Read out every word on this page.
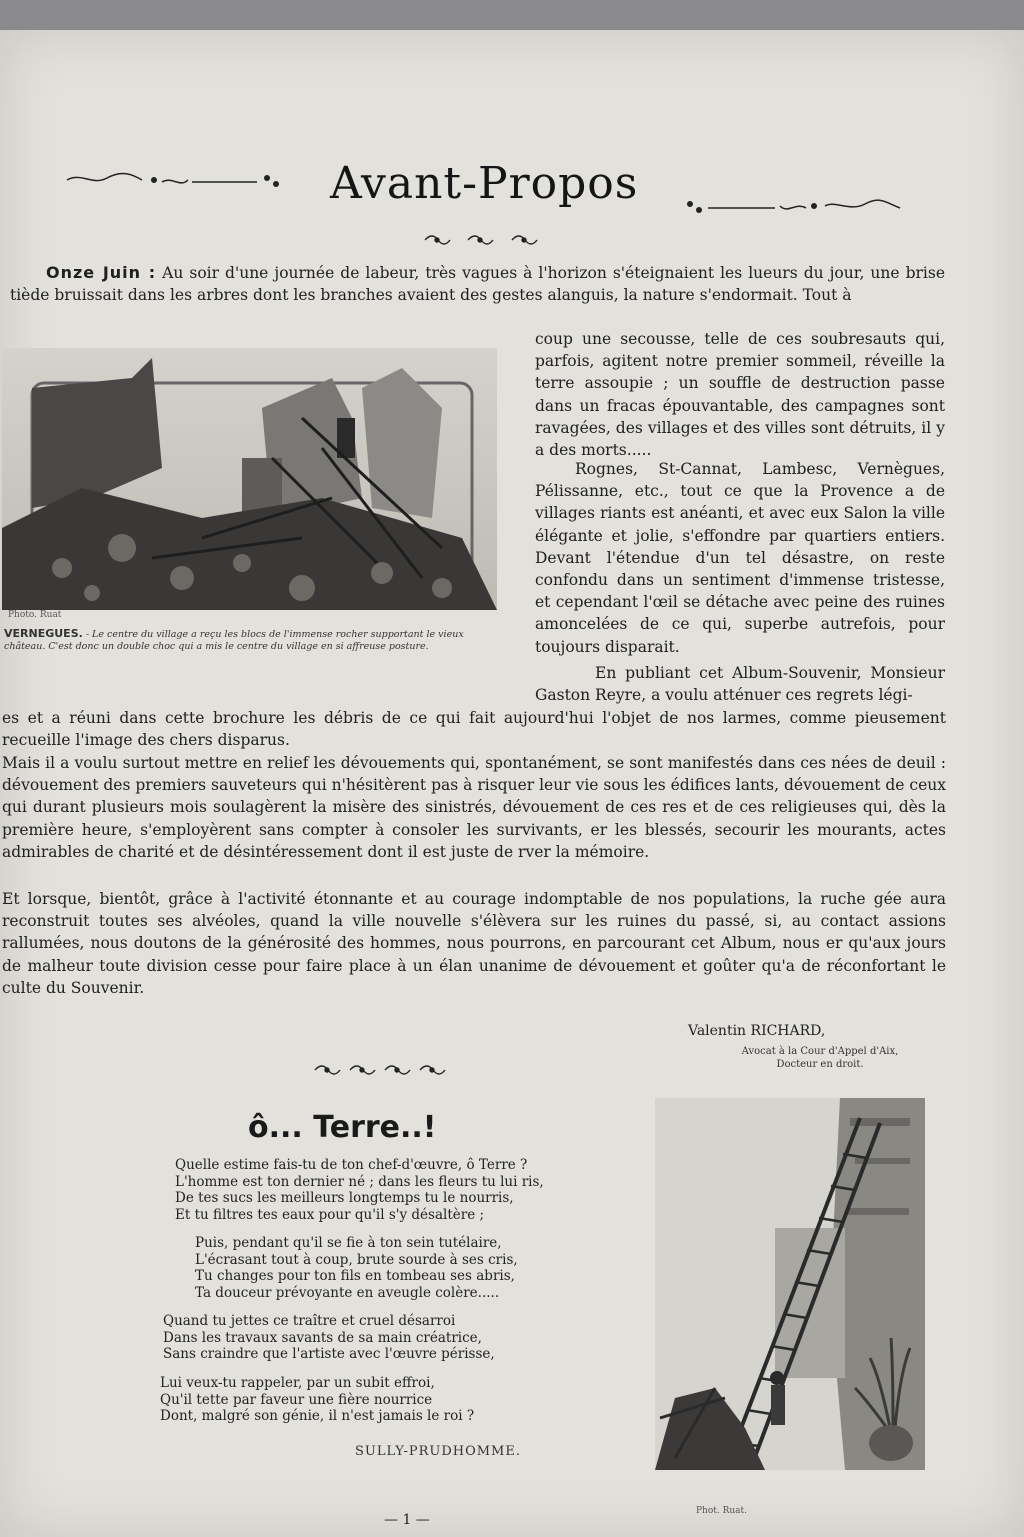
Avant-Propos
Onze Juin : Au soir d'une journée de labeur, très vagues à l'horizon s'éteignaient les lueurs du jour, une brise tiède bruissait dans les arbres dont les branches avaient des gestes alanguis, la nature s'endormait. Tout à
Photo. Ruat
VERNEGUES. - Le centre du village a reçu les blocs de l'immense rocher supportant le vieux château. C'est donc un double choc qui a mis le centre du village en si affreuse posture.
coup une secousse, telle de ces soubresauts qui, parfois, agitent notre premier sommeil, réveille la terre assoupie ; un souffle de destruction passe dans un fracas épouvantable, des campagnes sont ravagées, des villages et des villes sont détruits, il y a des morts.....
Rognes, St-Cannat, Lambesc, Vernègues, Pélissanne, etc., tout ce que la Provence a de villages riants est anéanti, et avec eux Salon la ville élégante et jolie, s'effondre par quartiers entiers. Devant l'étendue d'un tel désastre, on reste confondu dans un sentiment d'immense tristesse, et cependant l'œil se détache avec peine des ruines amoncelées de ce qui, superbe autrefois, pour toujours disparait.
En publiant cet Album-Souvenir, Monsieur Gaston Reyre, a voulu atténuer ces regrets légi-
es et a réuni dans cette brochure les débris de ce qui fait aujourd'hui l'objet de nos larmes, comme pieusement recueille l'image des chers disparus.
Mais il a voulu surtout mettre en relief les dévouements qui, spontanément, se sont manifestés dans ces nées de deuil : dévouement des premiers sauveteurs qui n'hésitèrent pas à risquer leur vie sous les édifices lants, dévouement de ceux qui durant plusieurs mois soulagèrent la misère des sinistrés, dévouement de ces res et de ces religieuses qui, dès la première heure, s'employèrent sans compter à consoler les survivants, er les blessés, secourir les mourants, actes admirables de charité et de désintéressement dont il est juste de rver la mémoire.
Et lorsque, bientôt, grâce à l'activité étonnante et au courage indomptable de nos populations, la ruche gée aura reconstruit toutes ses alvéoles, quand la ville nouvelle s'élèvera sur les ruines du passé, si, au contact assions rallumées, nous doutons de la générosité des hommes, nous pourrons, en parcourant cet Album, nous er qu'aux jours de malheur toute division cesse pour faire place à un élan unanime de dévouement et goûter qu'a de réconfortant le culte du Souvenir.
Valentin RICHARD,
Avocat à la Cour d'Appel d'Aix,
Docteur en droit.
ô... Terre..!
Quelle estime fais-tu de ton chef-d'œuvre, ô Terre ?
L'homme est ton dernier né ; dans les fleurs tu lui ris,
De tes sucs les meilleurs longtemps tu le nourris,
Et tu filtres tes eaux pour qu'il s'y désaltère ;
Puis, pendant qu'il se fie à ton sein tutélaire,
L'écrasant tout à coup, brute sourde à ses cris,
Tu changes pour ton fils en tombeau ses abris,
Ta douceur prévoyante en aveugle colère.....
Quand tu jettes ce traître et cruel désarroi
Dans les travaux savants de sa main créatrice,
Sans craindre que l'artiste avec l'œuvre périsse,
Lui veux-tu rappeler, par un subit effroi,
Qu'il tette par faveur une fière nourrice
Dont, malgré son génie, il n'est jamais le roi ?
SULLY-PRUDHOMME.
Phot. Ruat.
— 1 —
